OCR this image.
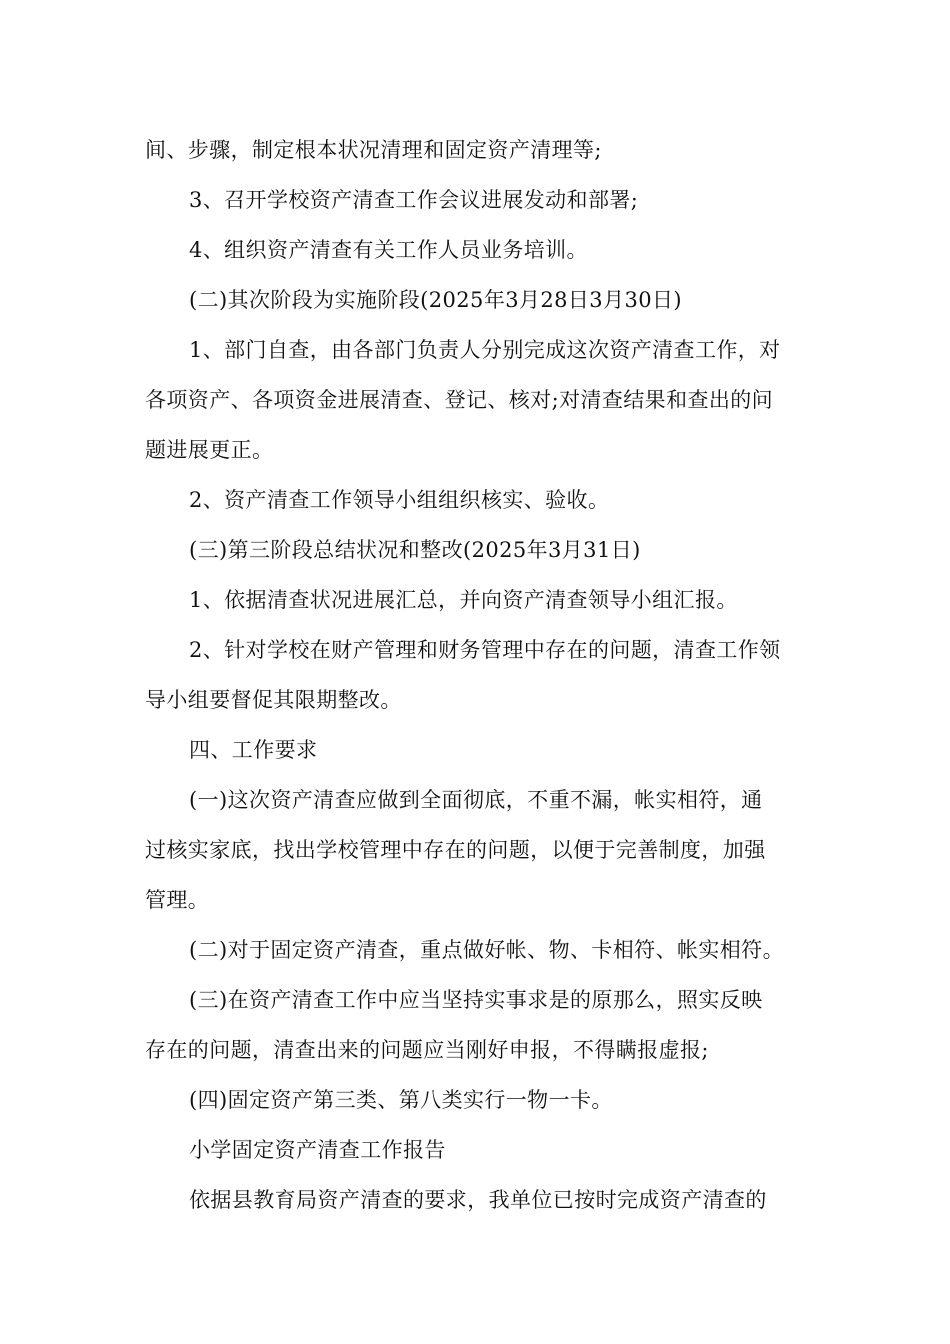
间、步骤，制定根本状况清理和固定资产清理等;
3、召开学校资产清查工作会议进展发动和部署;
4、组织资产清查有关工作人员业务培训。
(二)其次阶段为实施阶段(2025年3月28日3月30日)
1、部门自查，由各部门负责人分别完成这次资产清查工作，对
各项资产、各项资金进展清查、登记、核对;对清查结果和查出的问
题进展更正。
2、资产清查工作领导小组组织核实、验收。
(三)第三阶段总结状况和整改(2025年3月31日)
1、依据清查状况进展汇总，并向资产清查领导小组汇报。
2、针对学校在财产管理和财务管理中存在的问题，清查工作领
导小组要督促其限期整改。
四、工作要求
(一)这次资产清查应做到全面彻底，不重不漏，帐实相符，通
过核实家底，找出学校管理中存在的问题，以便于完善制度，加强
管理。
(二)对于固定资产清查，重点做好帐、物、卡相符、帐实相符。
(三)在资产清查工作中应当坚持实事求是的原那么，照实反映
存在的问题，清查出来的问题应当刚好申报，不得瞒报虚报;
(四)固定资产第三类、第八类实行一物一卡。
小学固定资产清查工作报告
依据县教育局资产清查的要求，我单位已按时完成资产清查的
